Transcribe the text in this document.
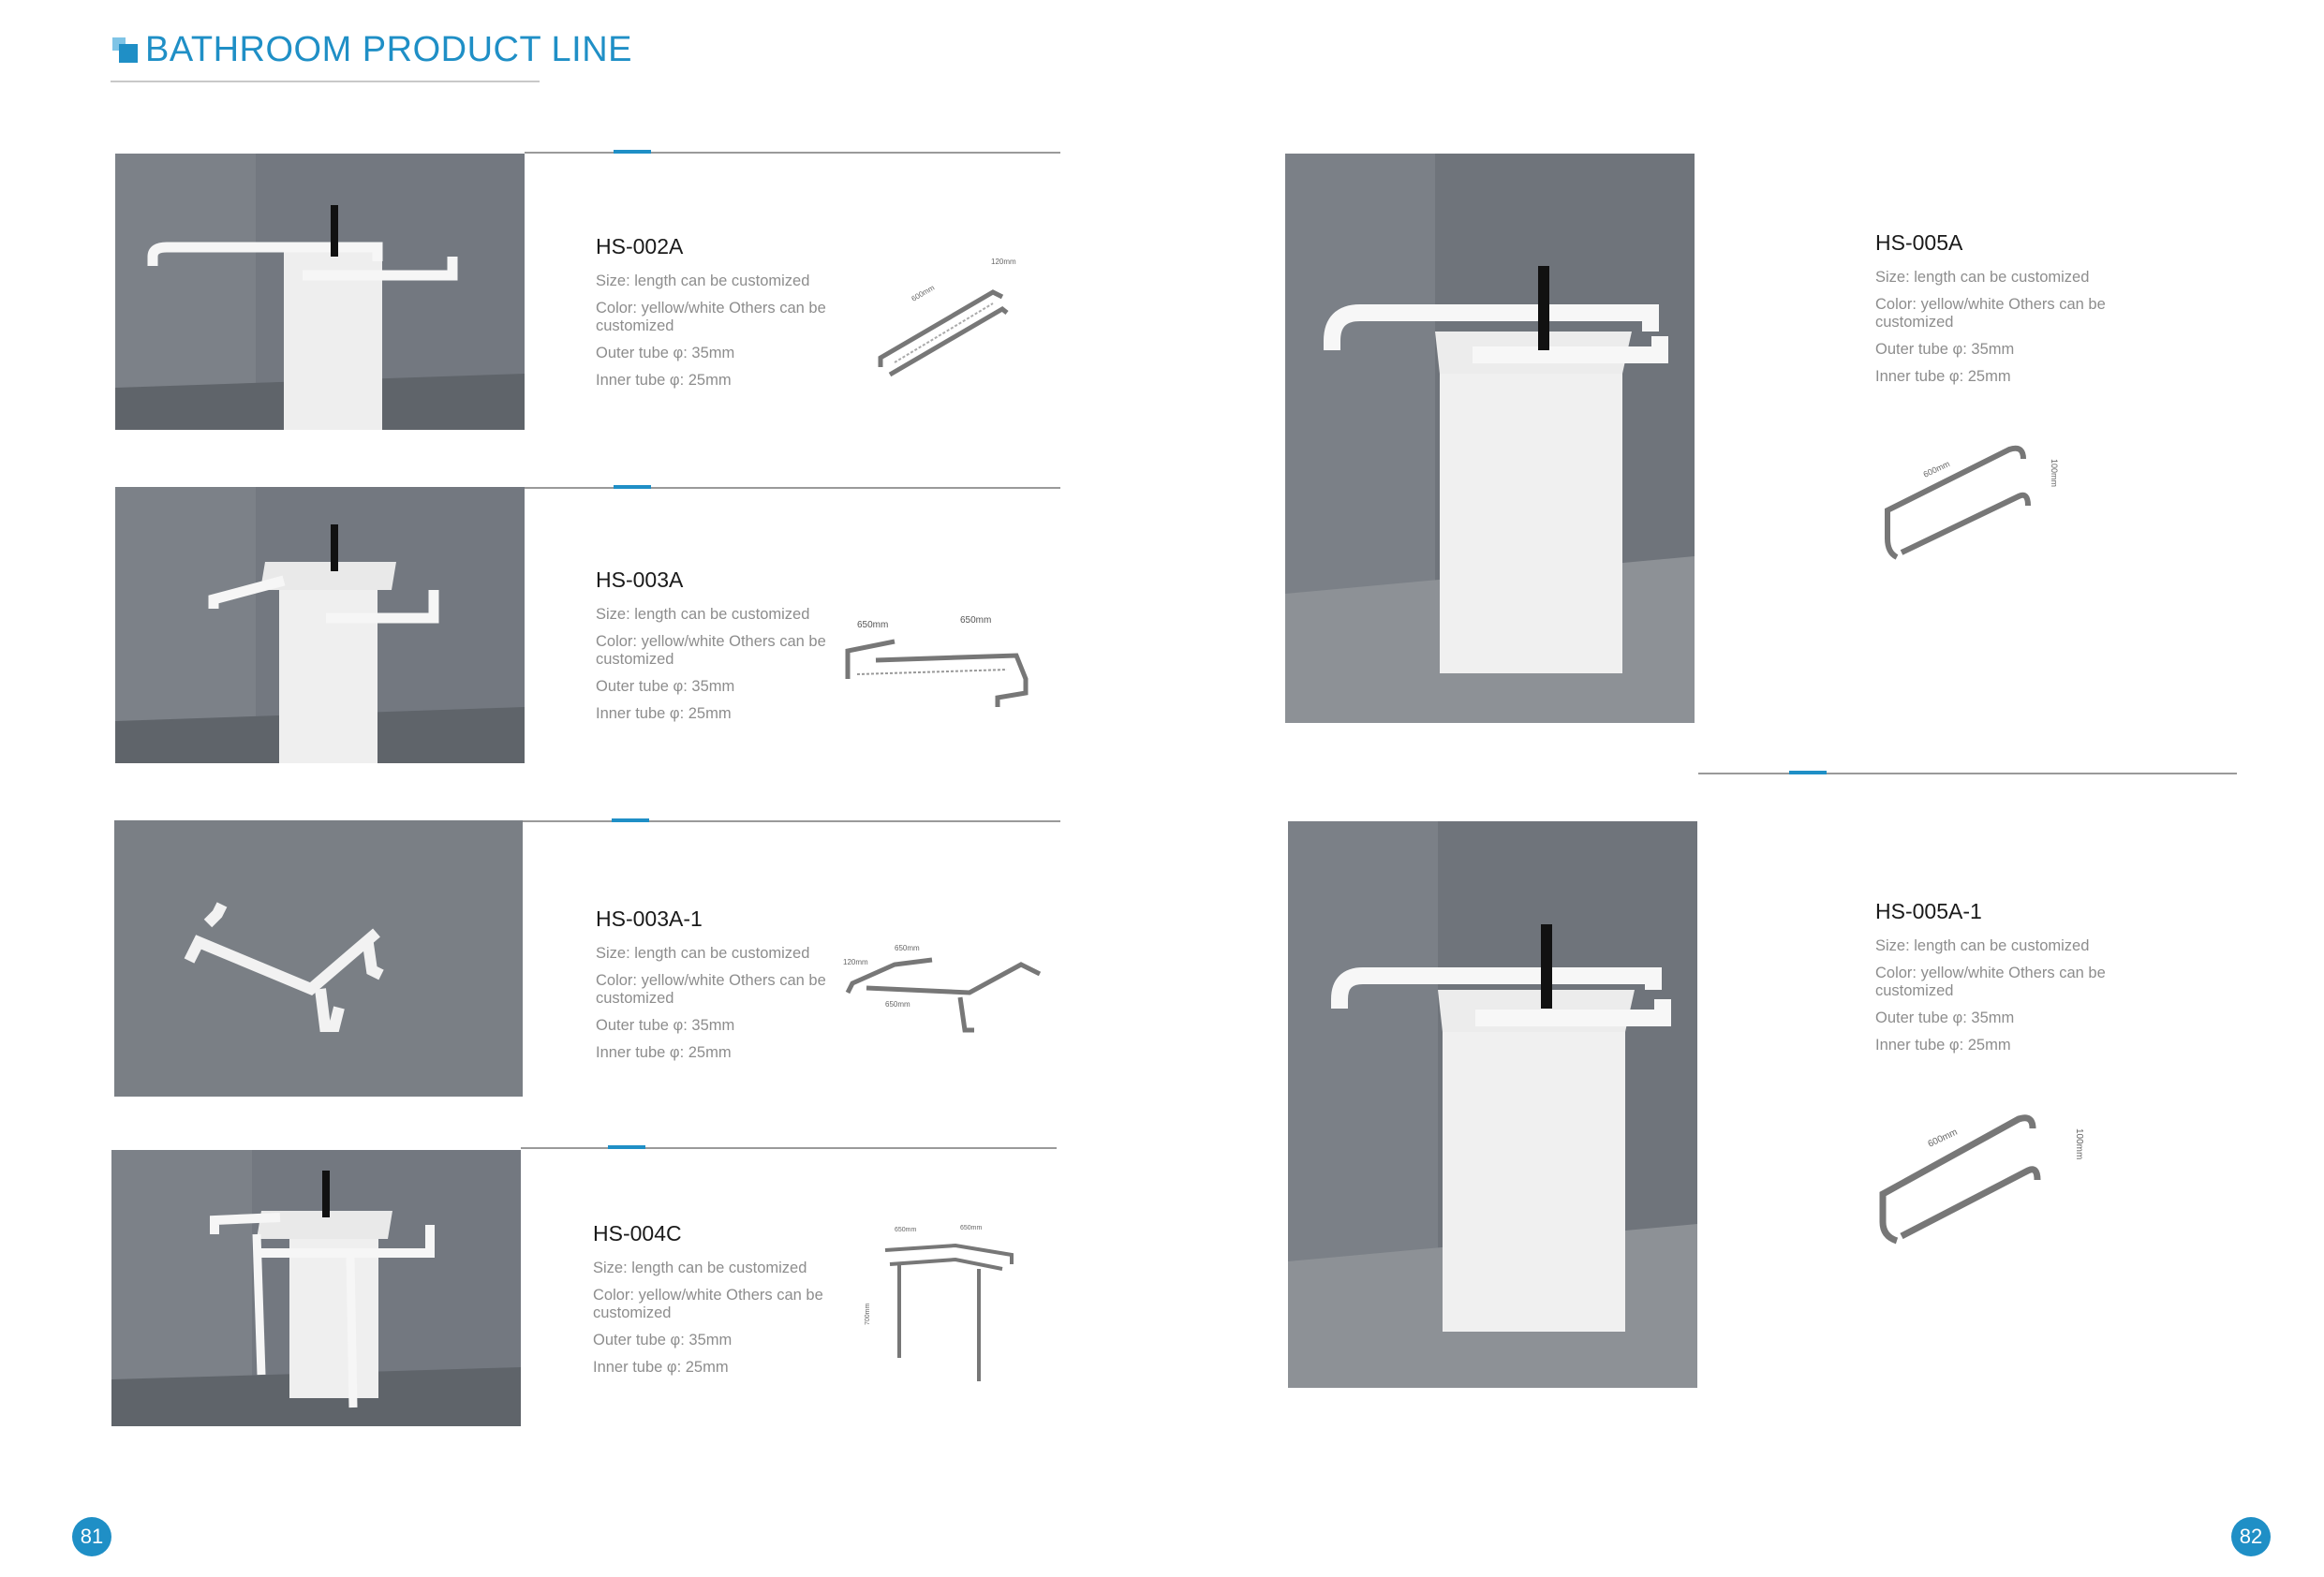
BATHROOM PRODUCT LINE
HS-002A
Size: length can be customized
Color: yellow/white Others can be customized
Outer tube φ: 35mm
Inner tube φ: 25mm
600mm
120mm
HS-003A
Size: length can be customized
Color: yellow/white Others can be customized
Outer tube φ: 35mm
Inner tube φ: 25mm
650mm	650mm
HS-003A-1
Size: length can be customized
Color: yellow/white Others can be customized
Outer tube φ: 35mm
Inner tube φ: 25mm
120mm
650mm
650mm
HS-004C
Size: length can be customized
Color: yellow/white Others can be customized
Outer tube φ: 35mm
Inner tube φ: 25mm
650mm	650mm
700mm
81
HS-005A
Size: length can be customized
Color: yellow/white Others can be customized
Outer tube φ: 35mm
Inner tube φ: 25mm
600mm	100mm
HS-005A-1
Size: length can be customized
Color: yellow/white Others can be customized
Outer tube φ: 35mm
Inner tube φ: 25mm
600mm	100mm
82
